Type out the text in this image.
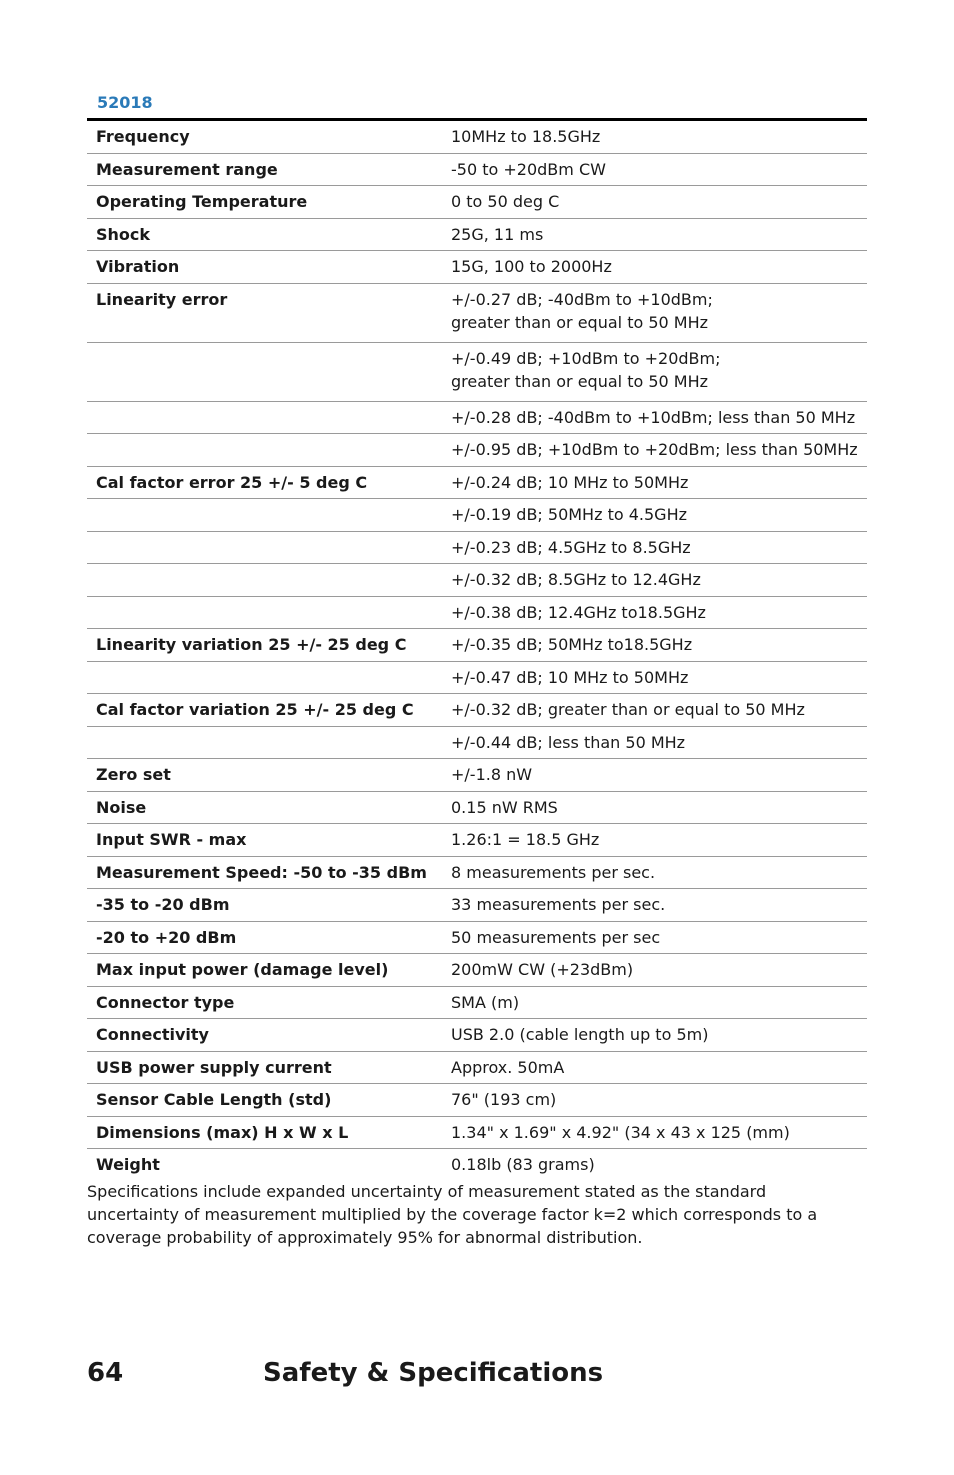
52018
Frequency	10MHz to 18.5GHz

Measurement range	-50 to +20dBm CW

Operating Temperature	0 to 50 deg C

Shock	25G, 11 ms

Vibration	15G, 100 to 2000Hz

Linearity error	+/-0.27 dB; -40dBm to +10dBm;
greater than or equal to 50 MHz

	+/-0.49 dB; +10dBm to +20dBm;
greater than or equal to 50 MHz

	+/-0.28 dB; -40dBm to +10dBm; less than 50 MHz

	+/-0.95 dB; +10dBm to +20dBm; less than 50MHz

Cal factor error 25 +/- 5 deg C	+/-0.24 dB; 10 MHz to 50MHz

	+/-0.19 dB; 50MHz to 4.5GHz

	+/-0.23 dB; 4.5GHz to 8.5GHz

	+/-0.32 dB; 8.5GHz to 12.4GHz

	+/-0.38 dB; 12.4GHz to18.5GHz

Linearity variation 25 +/- 25 deg C	+/-0.35 dB; 50MHz to18.5GHz

	+/-0.47 dB; 10 MHz to 50MHz

Cal factor variation 25 +/- 25 deg C	+/-0.32 dB; greater than or equal to 50 MHz

	+/-0.44 dB; less than 50 MHz

Zero set	+/-1.8 nW

Noise	0.15 nW RMS

Input SWR - max	1.26:1 = 18.5 GHz

Measurement Speed: -50 to -35 dBm	8 measurements per sec.

-35 to -20 dBm	33 measurements per sec.

-20 to +20 dBm	50 measurements per sec

Max input power (damage level)	200mW CW (+23dBm)

Connector type	SMA (m)

Connectivity	USB 2.0 (cable length up to 5m)

USB power supply current	Approx. 50mA

Sensor Cable Length (std)	76" (193 cm)

Dimensions (max) H x W x L	1.34" x 1.69" x 4.92" (34 x 43 x 125 (mm)

Weight	0.18lb (83 grams)
Specifications include expanded uncertainty of measurement stated as the standard uncertainty of measurement multiplied by the coverage factor k=2 which corresponds to a coverage probability of approximately 95% for abnormal distribution.
64	Safety & Specifications
